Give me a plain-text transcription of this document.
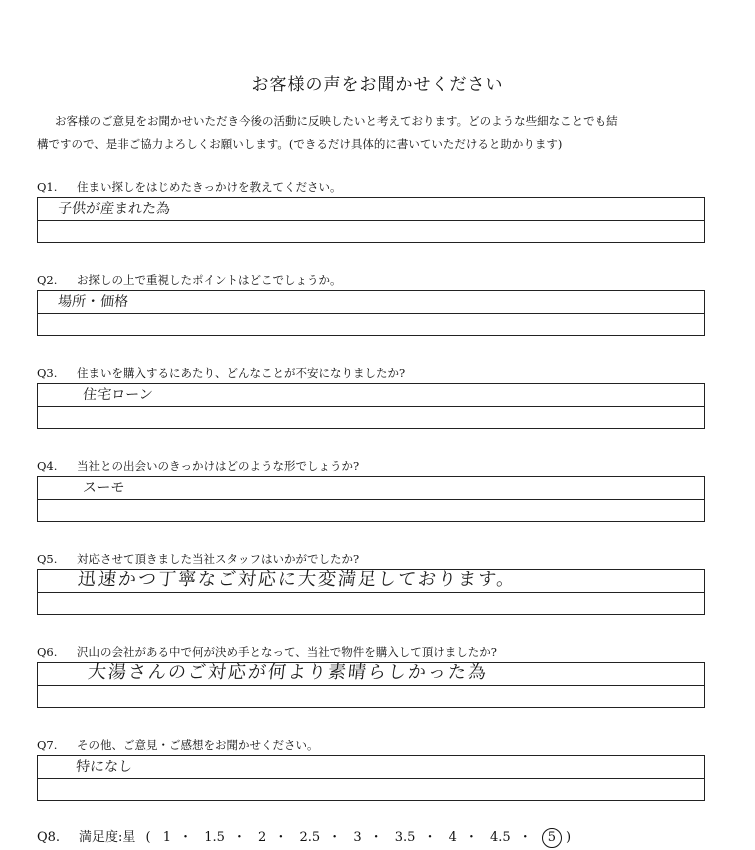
お客様の声をお聞かせください

お客様のご意見をお聞かせいただき今後の活動に反映したいと考えております。どのような些細なことでも結

構ですので、是非ご協力よろしくお願いします。(できるだけ具体的に書いていただけると助かります)

Q1. 住まい探しをはじめたきっかけを教えてください。
子供が産まれた為
Q2. お探しの上で重視したポイントはどこでしょうか。
場所・価格
Q3. 住まいを購入するにあたり、どんなことが不安になりましたか?
住宅ローン
Q4. 当社との出会いのきっかけはどのような形でしょうか?
スーモ
Q5. 対応させて頂きました当社スタッフはいかがでしたか?
迅速かつ丁寧なご対応に大変満足しております。
Q6. 沢山の会社がある中で何が決め手となって、当社で物件を購入して頂けましたか?
大湯さんのご対応が何より素晴らしかった為
Q7. その他、ご意見・ご感想をお聞かせください。
特になし
Q8. 満足度:星 ( 1 ・ 1.5 ・ 2 ・ 2.5 ・ 3 ・ 3.5 ・ 4 ・ 4.5 ・ 5 )
